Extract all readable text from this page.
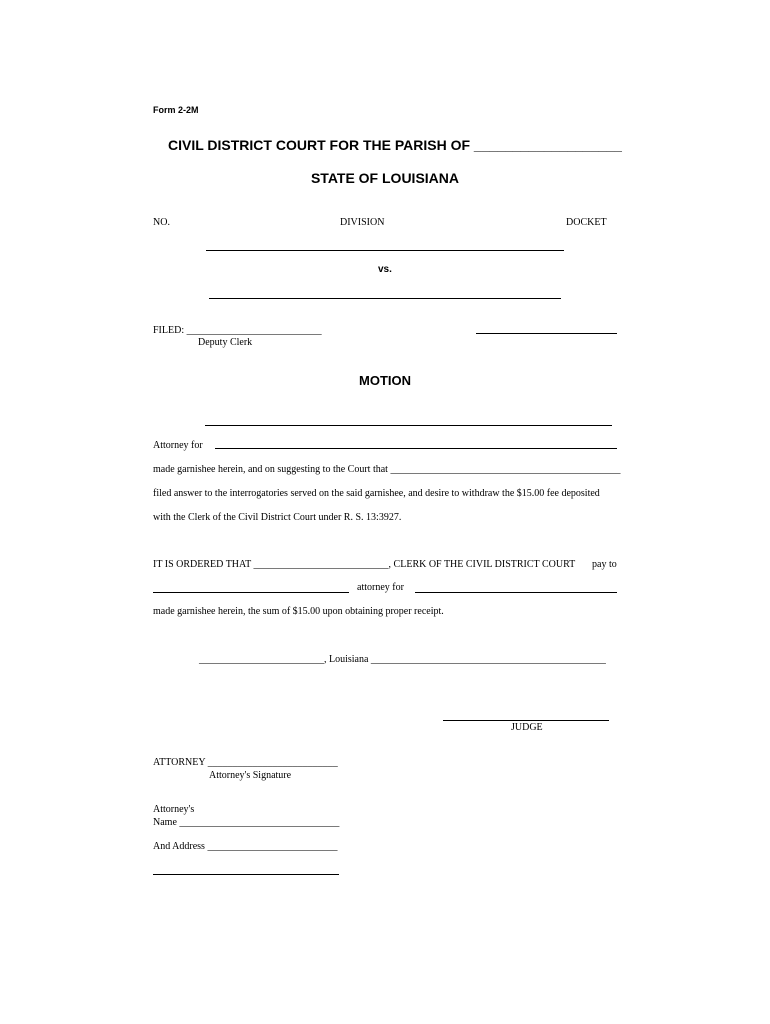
Form 2-2M
CIVIL DISTRICT COURT FOR THE PARISH OF ___________________
STATE OF LOUISIANA
NO.	DIVISION	DOCKET
vs.
FILED: ___________________________
Deputy Clerk
MOTION
Attorney for
made garnishee herein, and on suggesting to the Court that ______________________________________________
filed answer to the interrogatories served on the said garnishee, and desire to withdraw the $15.00 fee deposited
with the Clerk of the Civil District Court under R. S. 13:3927.
IT IS ORDERED THAT ___________________________, CLERK OF THE CIVIL DISTRICT COURT pay to
attorney for
made garnishee herein, the sum of $15.00 upon obtaining proper receipt.
_________________________, Louisiana _______________________________________________
JUDGE
ATTORNEY __________________________
Attorney's Signature
Attorney's
Name ________________________________
And Address __________________________
